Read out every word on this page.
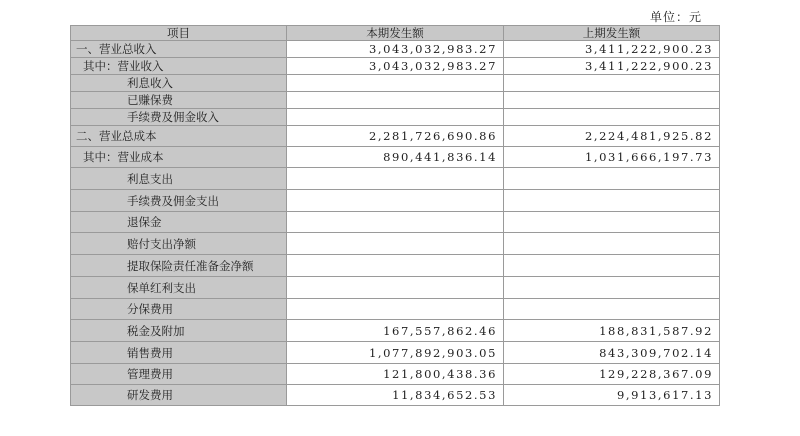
单位：元
项目	本期发生额	上期发生额
一、营业总收入	3,043,032,983.27	3,411,222,900.23
其中：营业收入	3,043,032,983.27	3,411,222,900.23
利息收入		
已赚保费		
手续费及佣金收入		
二、营业总成本	2,281,726,690.86	2,224,481,925.82
其中：营业成本	890,441,836.14	1,031,666,197.73
利息支出		
手续费及佣金支出		
退保金		
赔付支出净额		
提取保险责任准备金净额		
保单红利支出		
分保费用		
税金及附加	167,557,862.46	188,831,587.92
销售费用	1,077,892,903.05	843,309,702.14
管理费用	121,800,438.36	129,228,367.09
研发费用	11,834,652.53	9,913,617.13
